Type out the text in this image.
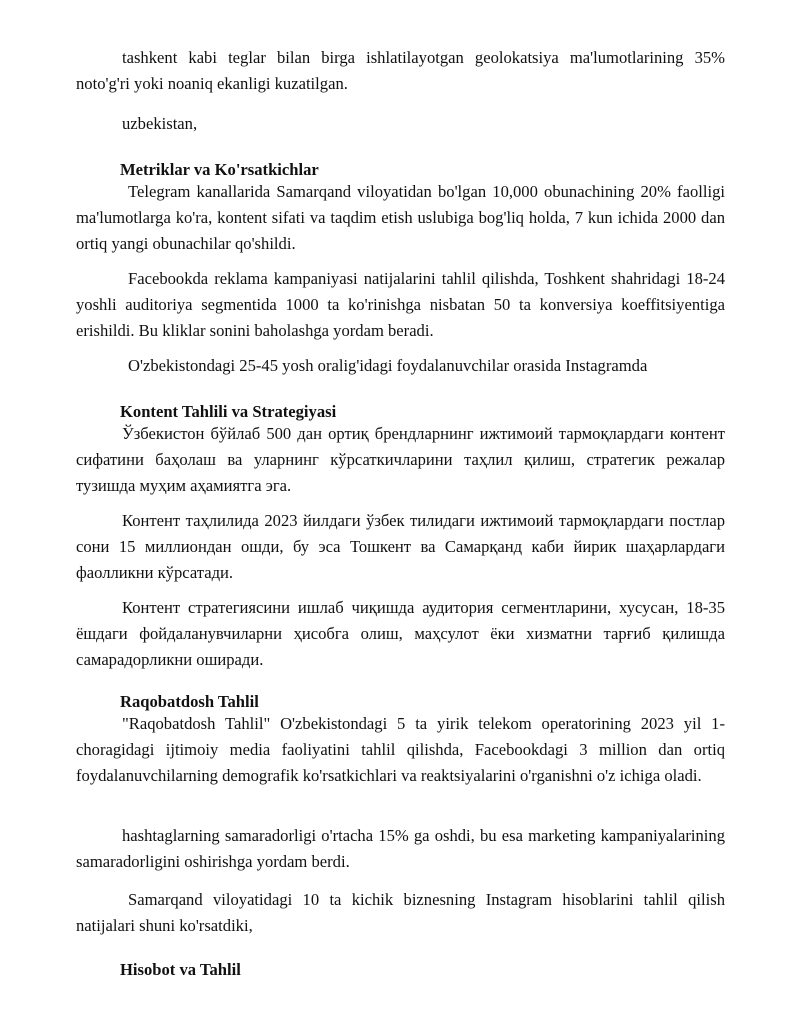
tashkent kabi teglar bilan birga ishlatilayotgan geolokatsiya ma'lumotlarining 35% noto'g'ri yoki noaniq ekanligi kuzatilgan.

uzbekistan,

Metriklar va Ko'rsatkichlar

Telegram kanallarida Samarqand viloyatidan bo'lgan 10,000 obunachining 20% faolligi ma'lumotlarga ko'ra, kontent sifati va taqdim etish uslubiga bog'liq holda, 7 kun ichida 2000 dan ortiq yangi obunachilar qo'shildi.

Facebookda reklama kampaniyasi natijalarini tahlil qilishda, Toshkent shahridagi 18-24 yoshli auditoriya segmentida 1000 ta ko'rinishga nisbatan 50 ta konversiya koeffitsiyentiga erishildi. Bu kliklar sonini baholashga yordam beradi.

O'zbekistondagi 25-45 yosh oralig'idagi foydalanuvchilar orasida Instagramda

Kontent Tahlili va Strategiyasi

Ўзбекистон бўйлаб 500 дан ортиқ брендларнинг ижтимоий тармоқлардаги контент сифатини баҳолаш ва уларнинг кўрсаткичларини таҳлил қилиш, стратегик режалар тузишда муҳим аҳамиятга эга.

Контент таҳлилида 2023 йилдаги ўзбек тилидаги ижтимоий тармоқлардаги постлар сони 15 миллиондан ошди, бу эса Тошкент ва Самарқанд каби йирик шаҳарлардаги фаолликни кўрсатади.

Контент стратегиясини ишлаб чиқишда аудитория сегментларини, хусусан, 18-35 ёшдаги фойдаланувчиларни ҳисобга олиш, маҳсулот ёки хизматни тарғиб қилишда самарадорликни оширади.

Raqobatdosh Tahlil

"Raqobatdosh Tahlil" O'zbekistondagi 5 ta yirik telekom operatorining 2023 yil 1-choragidagi ijtimoiy media faoliyatini tahlil qilishda, Facebookdagi 3 million dan ortiq foydalanuvchilarning demografik ko'rsatkichlari va reaktsiyalarini o'rganishni o'z ichiga oladi.

hashtaglarning samaradorligi o'rtacha 15% ga oshdi, bu esa marketing kampaniyalarining samaradorligini oshirishga yordam berdi.

Samarqand viloyatidagi 10 ta kichik biznesning Instagram hisoblarini tahlil qilish natijalari shuni ko'rsatdiki,

Hisobot va Tahlil
